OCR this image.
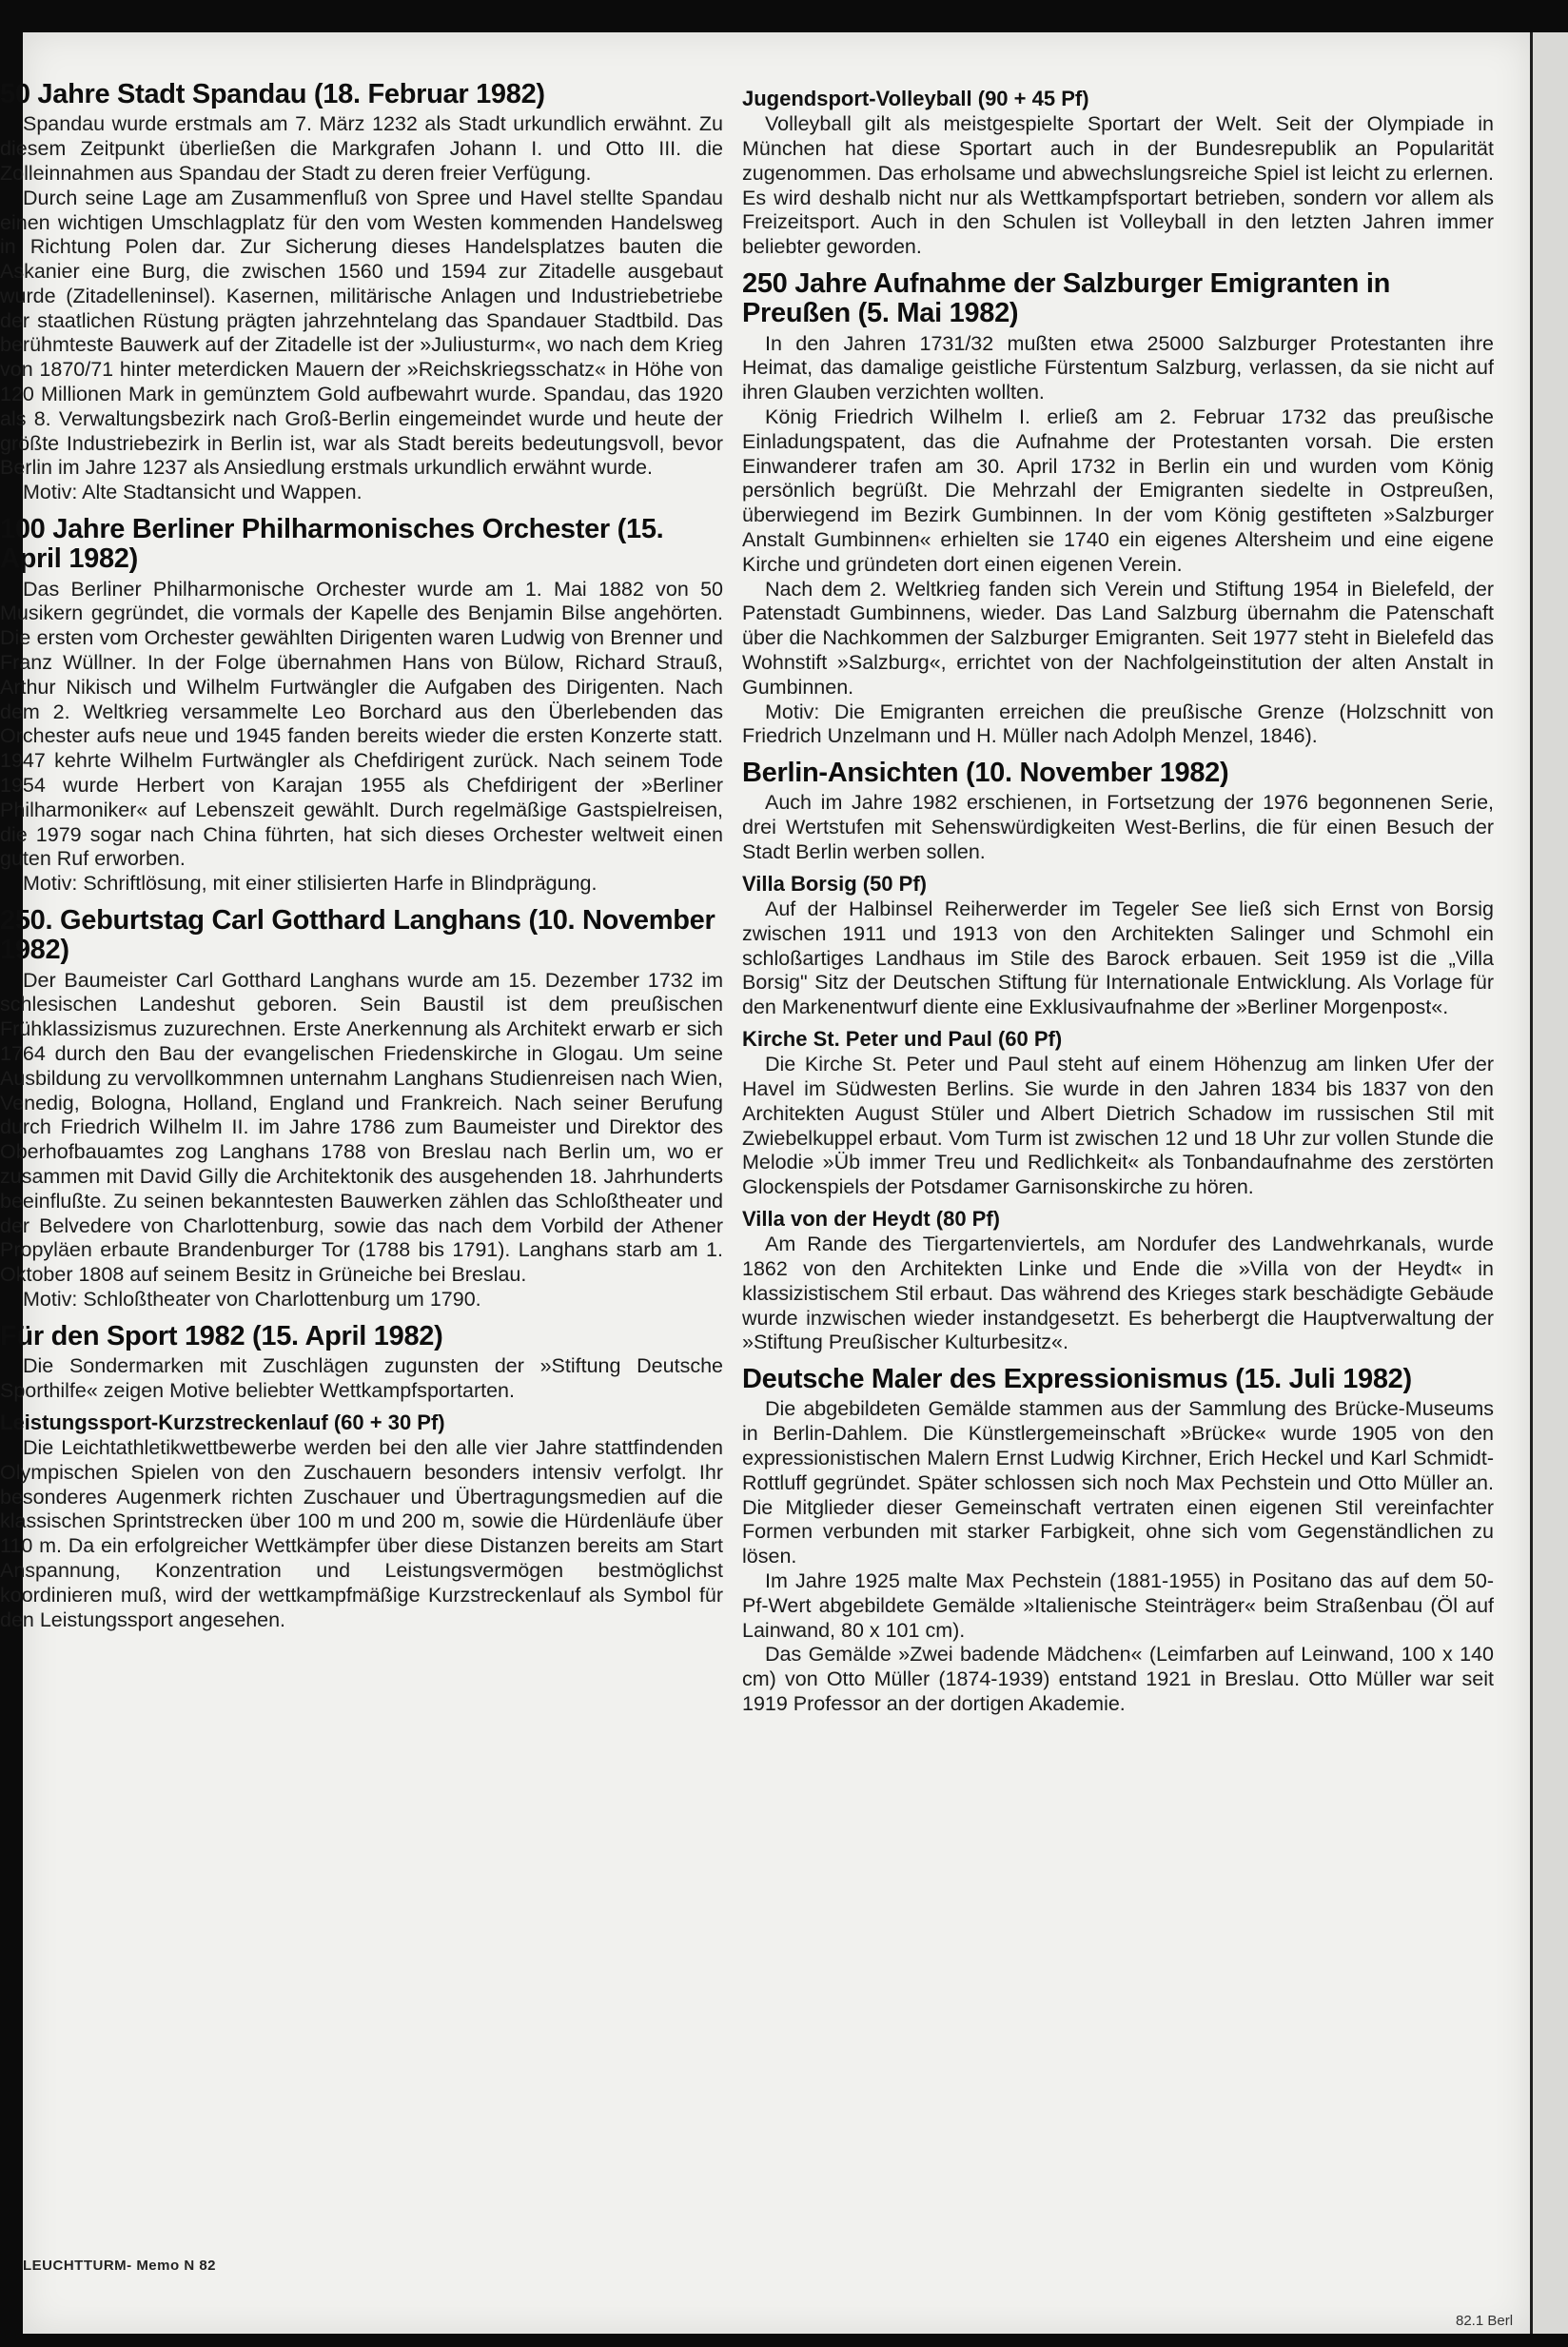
50 Jahre Stadt Spandau (18. Februar 1982)

Spandau wurde erstmals am 7. März 1232 als Stadt urkundlich erwähnt. Zu diesem Zeitpunkt überließen die Markgrafen Johann I. und Otto III. die Zolleinnahmen aus Spandau der Stadt zu deren freier Verfügung.

Durch seine Lage am Zusammenfluß von Spree und Havel stellte Spandau einen wichtigen Umschlagplatz für den vom Westen kommenden Handelsweg in Richtung Polen dar. Zur Sicherung dieses Handelsplatzes bauten die Askanier eine Burg, die zwischen 1560 und 1594 zur Zitadelle ausgebaut wurde (Zitadelleninsel). Kasernen, militärische Anlagen und Industriebetriebe der staatlichen Rüstung prägten jahrzehntelang das Spandauer Stadtbild. Das berühmteste Bauwerk auf der Zitadelle ist der »Juliusturm«, wo nach dem Krieg von 1870/71 hinter meterdicken Mauern der »Reichskriegsschatz« in Höhe von 120 Millionen Mark in gemünztem Gold aufbewahrt wurde. Spandau, das 1920 als 8. Verwaltungsbezirk nach Groß-Berlin eingemeindet wurde und heute der größte Industriebezirk in Berlin ist, war als Stadt bereits bedeutungsvoll, bevor Berlin im Jahre 1237 als Ansiedlung erstmals urkundlich erwähnt wurde.

Motiv: Alte Stadtansicht und Wappen.

100 Jahre Berliner Philharmonisches Orchester (15. April 1982)

Das Berliner Philharmonische Orchester wurde am 1. Mai 1882 von 50 Musikern gegründet, die vormals der Kapelle des Benjamin Bilse angehörten. Die ersten vom Orchester gewählten Dirigenten waren Ludwig von Brenner und Franz Wüllner. In der Folge übernahmen Hans von Bülow, Richard Strauß, Arthur Nikisch und Wilhelm Furtwängler die Aufgaben des Dirigenten. Nach dem 2. Weltkrieg versammelte Leo Borchard aus den Überlebenden das Orchester aufs neue und 1945 fanden bereits wieder die ersten Konzerte statt. 1947 kehrte Wilhelm Furtwängler als Chefdirigent zurück. Nach seinem Tode 1954 wurde Herbert von Karajan 1955 als Chefdirigent der »Berliner Philharmoniker« auf Lebenszeit gewählt. Durch regelmäßige Gastspielreisen, die 1979 sogar nach China führten, hat sich dieses Orchester weltweit einen guten Ruf erworben.

Motiv: Schriftlösung, mit einer stilisierten Harfe in Blindprägung.

250. Geburtstag Carl Gotthard Langhans (10. November 1982)

Der Baumeister Carl Gotthard Langhans wurde am 15. Dezember 1732 im schlesischen Landeshut geboren. Sein Baustil ist dem preußischen Frühklassizismus zuzurechnen. Erste Anerkennung als Architekt erwarb er sich 1764 durch den Bau der evangelischen Friedenskirche in Glogau. Um seine Ausbildung zu vervollkommnen unternahm Langhans Studienreisen nach Wien, Venedig, Bologna, Holland, England und Frankreich. Nach seiner Berufung durch Friedrich Wilhelm II. im Jahre 1786 zum Baumeister und Direktor des Oberhofbauamtes zog Langhans 1788 von Breslau nach Berlin um, wo er zusammen mit David Gilly die Architektonik des ausgehenden 18. Jahrhunderts beeinflußte. Zu seinen bekanntesten Bauwerken zählen das Schloßtheater und der Belvedere von Charlottenburg, sowie das nach dem Vorbild der Athener Propyläen erbaute Brandenburger Tor (1788 bis 1791). Langhans starb am 1. Oktober 1808 auf seinem Besitz in Grüneiche bei Breslau.

Motiv: Schloßtheater von Charlottenburg um 1790.

Für den Sport 1982 (15. April 1982)

Die Sondermarken mit Zuschlägen zugunsten der »Stiftung Deutsche Sporthilfe« zeigen Motive beliebter Wettkampfsportarten.

Leistungssport-Kurzstreckenlauf (60 + 30 Pf)

Die Leichtathletikwettbewerbe werden bei den alle vier Jahre stattfindenden Olympischen Spielen von den Zuschauern besonders intensiv verfolgt. Ihr besonderes Augenmerk richten Zuschauer und Übertragungsmedien auf die klassischen Sprintstrecken über 100 m und 200 m, sowie die Hürdenläufe über 110 m. Da ein erfolgreicher Wettkämpfer über diese Distanzen bereits am Start Anspannung, Konzentration und Leistungsvermögen bestmöglichst koordinieren muß, wird der wettkampfmäßige Kurzstreckenlauf als Symbol für den Leistungssport angesehen.

Jugendsport-Volleyball (90 + 45 Pf)

Volleyball gilt als meistgespielte Sportart der Welt. Seit der Olympiade in München hat diese Sportart auch in der Bundesrepublik an Popularität zugenommen. Das erholsame und abwechslungsreiche Spiel ist leicht zu erlernen. Es wird deshalb nicht nur als Wettkampfsportart betrieben, sondern vor allem als Freizeitsport. Auch in den Schulen ist Volleyball in den letzten Jahren immer beliebter geworden.

250 Jahre Aufnahme der Salzburger Emigranten in Preußen (5. Mai 1982)

In den Jahren 1731/32 mußten etwa 25000 Salzburger Protestanten ihre Heimat, das damalige geistliche Fürstentum Salzburg, verlassen, da sie nicht auf ihren Glauben verzichten wollten.

König Friedrich Wilhelm I. erließ am 2. Februar 1732 das preußische Einladungspatent, das die Aufnahme der Protestanten vorsah. Die ersten Einwanderer trafen am 30. April 1732 in Berlin ein und wurden vom König persönlich begrüßt. Die Mehrzahl der Emigranten siedelte in Ostpreußen, überwiegend im Bezirk Gumbinnen. In der vom König gestifteten »Salzburger Anstalt Gumbinnen« erhielten sie 1740 ein eigenes Altersheim und eine eigene Kirche und gründeten dort einen eigenen Verein.

Nach dem 2. Weltkrieg fanden sich Verein und Stiftung 1954 in Bielefeld, der Patenstadt Gumbinnens, wieder. Das Land Salzburg übernahm die Patenschaft über die Nachkommen der Salzburger Emigranten. Seit 1977 steht in Bielefeld das Wohnstift »Salzburg«, errichtet von der Nachfolgeinstitution der alten Anstalt in Gumbinnen.

Motiv: Die Emigranten erreichen die preußische Grenze (Holzschnitt von Friedrich Unzelmann und H. Müller nach Adolph Menzel, 1846).

Berlin-Ansichten (10. November 1982)

Auch im Jahre 1982 erschienen, in Fortsetzung der 1976 begonnenen Serie, drei Wertstufen mit Sehenswürdigkeiten West-Berlins, die für einen Besuch der Stadt Berlin werben sollen.

Villa Borsig (50 Pf)

Auf der Halbinsel Reiherwerder im Tegeler See ließ sich Ernst von Borsig zwischen 1911 und 1913 von den Architekten Salinger und Schmohl ein schloßartiges Landhaus im Stile des Barock erbauen. Seit 1959 ist die „Villa Borsig" Sitz der Deutschen Stiftung für Internationale Entwicklung. Als Vorlage für den Markenentwurf diente eine Exklusivaufnahme der »Berliner Morgenpost«.

Kirche St. Peter und Paul (60 Pf)

Die Kirche St. Peter und Paul steht auf einem Höhenzug am linken Ufer der Havel im Südwesten Berlins. Sie wurde in den Jahren 1834 bis 1837 von den Architekten August Stüler und Albert Dietrich Schadow im russischen Stil mit Zwiebelkuppel erbaut. Vom Turm ist zwischen 12 und 18 Uhr zur vollen Stunde die Melodie »Üb immer Treu und Redlichkeit« als Tonbandaufnahme des zerstörten Glockenspiels der Potsdamer Garnisonskirche zu hören.

Villa von der Heydt (80 Pf)

Am Rande des Tiergartenviertels, am Nordufer des Landwehrkanals, wurde 1862 von den Architekten Linke und Ende die »Villa von der Heydt« in klassizistischem Stil erbaut. Das während des Krieges stark beschädigte Gebäude wurde inzwischen wieder instandgesetzt. Es beherbergt die Hauptverwaltung der »Stiftung Preußischer Kulturbesitz«.

Deutsche Maler des Expressionismus (15. Juli 1982)

Die abgebildeten Gemälde stammen aus der Sammlung des Brücke-Museums in Berlin-Dahlem. Die Künstlergemeinschaft »Brücke« wurde 1905 von den expressionistischen Malern Ernst Ludwig Kirchner, Erich Heckel und Karl Schmidt-Rottluff gegründet. Später schlossen sich noch Max Pechstein und Otto Müller an. Die Mitglieder dieser Gemeinschaft vertraten einen eigenen Stil vereinfachter Formen verbunden mit starker Farbigkeit, ohne sich vom Gegenständlichen zu lösen.

Im Jahre 1925 malte Max Pechstein (1881-1955) in Positano das auf dem 50-Pf-Wert abgebildete Gemälde »Italienische Steinträger« beim Straßenbau (Öl auf Lainwand, 80 x 101 cm).

Das Gemälde »Zwei badende Mädchen« (Leimfarben auf Leinwand, 100 x 140 cm) von Otto Müller (1874-1939) entstand 1921 in Breslau. Otto Müller war seit 1919 Professor an der dortigen Akademie.

LEUCHTTURM- Memo N 82
82.1 Berl
